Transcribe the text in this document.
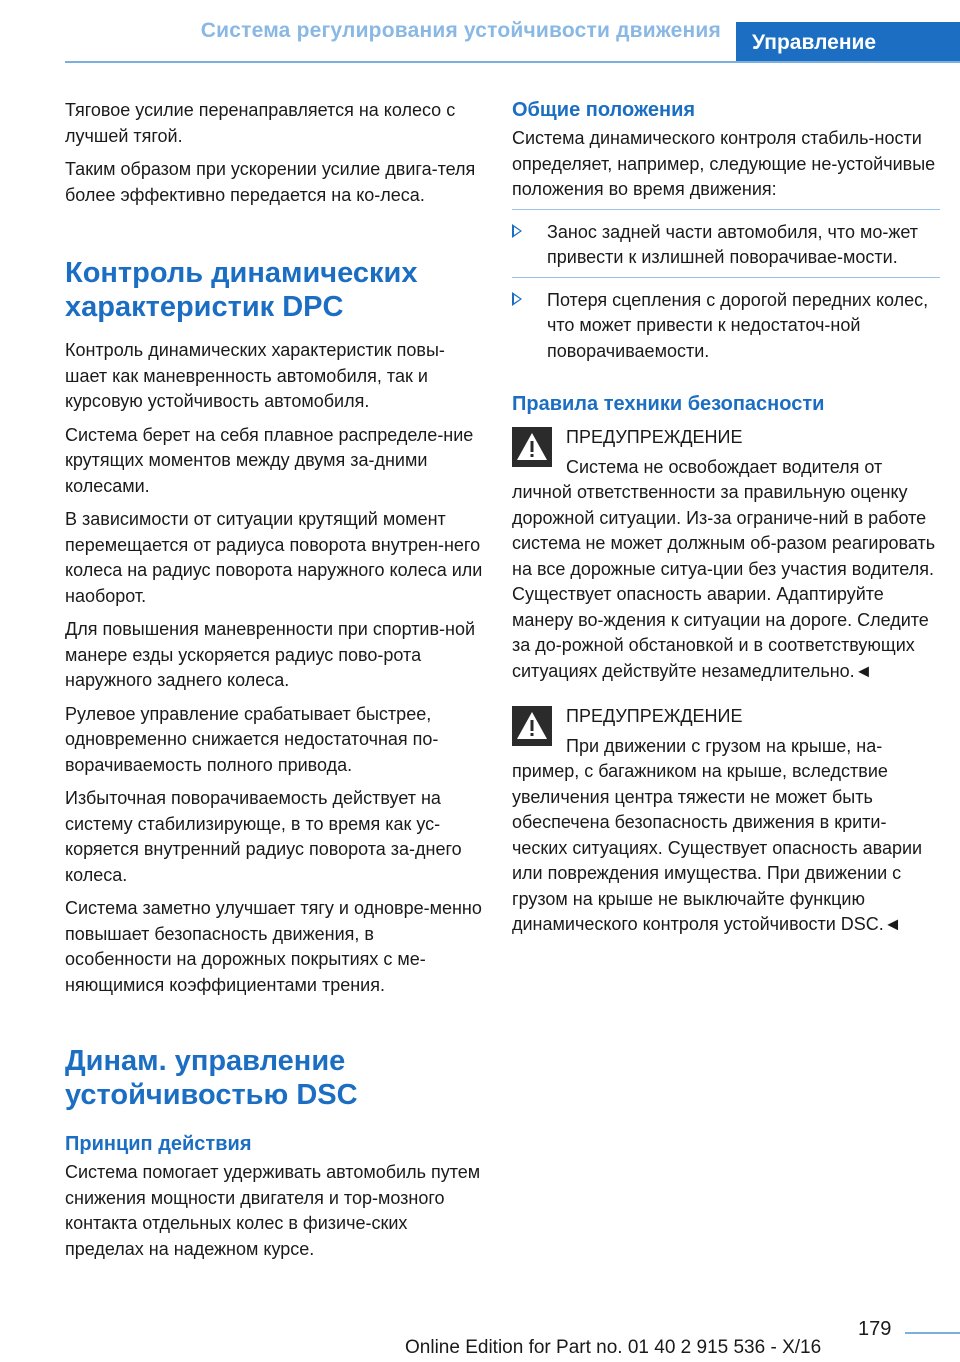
Система регулирования устойчивости движения
Управление

Тяговое усилие перенаправляется на колесо с лучшей тягой.

Таким образом при ускорении усилие двига-теля более эффективно передается на ко-леса.

Контроль динамических характеристик DPC

Контроль динамических характеристик повы-шает как маневренность автомобиля, так и курсовую устойчивость автомобиля.

Система берет на себя плавное распределе-ние крутящих моментов между двумя за-дними колесами.

В зависимости от ситуации крутящий момент перемещается от радиуса поворота внутрен-него колеса на радиус поворота наружного колеса или наоборот.

Для повышения маневренности при спортив-ной манере езды ускоряется радиус пово-рота наружного заднего колеса.

Рулевое управление срабатывает быстрее, одновременно снижается недостаточная по-ворачиваемость полного привода.

Избыточная поворачиваемость действует на систему стабилизирующе, в то время как ус-коряется внутренний радиус поворота за-днего колеса.

Система заметно улучшает тягу и одновре-менно повышает безопасность движения, в особенности на дорожных покрытиях с ме-няющимися коэффициентами трения.

Динам. управление устойчивостью DSC
Принцип действия

Система помогает удерживать автомобиль путем снижения мощности двигателя и тор-мозного контакта отдельных колес в физиче-ских пределах на надежном курсе.

Общие положения

Система динамического контроля стабиль-ности определяет, например, следующие не-устойчивые положения во время движения:

Занос задней части автомобиля, что мо-жет привести к излишней поворачивае-мости.
Потеря сцепления с дорогой передних колес, что может привести к недостаточ-ной поворачиваемости.
Правила техники безопасности

ПРЕДУПРЕЖДЕНИЕ

Система не освобождает водителя от личной ответственности за правильную оценку дорожной ситуации. Из-за ограниче-ний в работе система не может должным об-разом реагировать на все дорожные ситуа-ции без участия водителя. Существует опасность аварии. Адаптируйте манеру во-ждения к ситуации на дороге. Следите за до-рожной обстановкой и в соответствующих ситуациях действуйте незамедлительно.◄

ПРЕДУПРЕЖДЕНИЕ

При движении с грузом на крыше, на-пример, с багажником на крыше, вследствие увеличения центра тяжести не может быть обеспечена безопасность движения в крити-ческих ситуациях. Существует опасность аварии или повреждения имущества. При движении с грузом на крыше не выключайте функцию динамического контроля устойчивости DSC.◄

179
Online Edition for Part no. 01 40 2 915 536 - X/16
